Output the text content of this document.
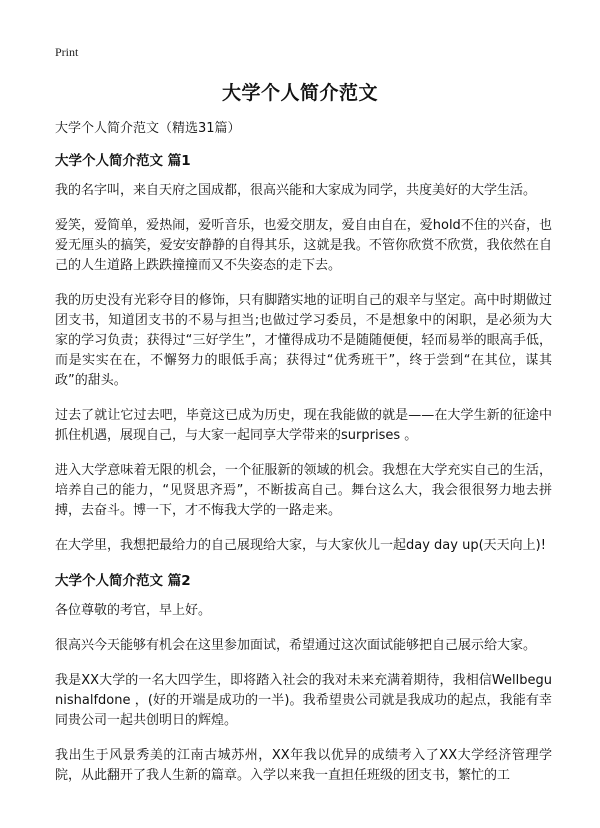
Print
大学个人简介范文
大学个人简介范文（精选31篇）
大学个人简介范文 篇1

我的名字叫，来自天府之国成都，很高兴能和大家成为同学，共度美好的大学生活。

爱笑，爱简单，爱热闹，爱听音乐，也爱交朋友，爱自由自在，爱hold不住的兴奋，也爱无厘头的搞笑，爱安安静静的自得其乐，这就是我。不管你欣赏不欣赏，我依然在自己的人生道路上跌跌撞撞而又不失姿态的走下去。

我的历史没有光彩夺目的修饰，只有脚踏实地的证明自己的艰辛与坚定。高中时期做过团支书，知道团支书的不易与担当;也做过学习委员，不是想象中的闲职，是必须为大家的学习负责；获得过“三好学生”，才懂得成功不是随随便便，轻而易举的眼高手低，而是实实在在，不懈努力的眼低手高；获得过“优秀班干”，终于尝到“在其位，谋其政”的甜头。

过去了就让它过去吧，毕竟这已成为历史，现在我能做的就是——在大学生新的征途中抓住机遇，展现自己，与大家一起同享大学带来的surprises 。

进入大学意味着无限的机会，一个征服新的领域的机会。我想在大学充实自己的生活，培养自己的能力，“见贤思齐焉”，不断拔高自己。舞台这么大，我会很很努力地去拼搏，去奋斗。博一下，才不悔我大学的一路走来。

在大学里，我想把最给力的自己展现给大家，与大家伙儿一起day day up(天天向上)!

大学个人简介范文 篇2

各位尊敬的考官，早上好。

很高兴今天能够有机会在这里参加面试，希望通过这次面试能够把自己展示给大家。

我是XX大学的一名大四学生，即将踏入社会的我对未来充满着期待，我相信Wellbegunishalfdone ，(好的开端是成功的一半)。我希望贵公司就是我成功的起点，我能有幸同贵公司一起共创明日的辉煌。

我出生于风景秀美的江南古城苏州，XX年我以优异的成绩考入了XX大学经济管理学院，从此翻开了我人生新的篇章。入学以来我一直担任班级的团支书，繁忙的工
